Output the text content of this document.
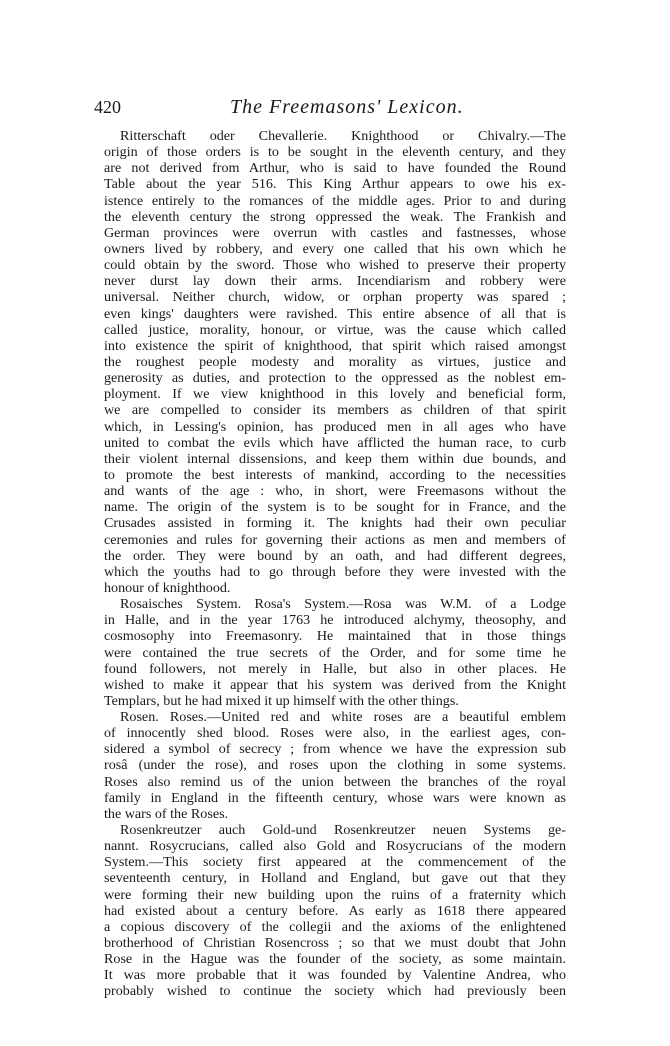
420	The Freemasons' Lexicon.
Ritterschaft oder Chevallerie. Knighthood or Chivalry.—The
origin of those orders is to be sought in the eleventh century, and they
are not derived from Arthur, who is said to have founded the Round
Table about the year 516. This King Arthur appears to owe his ex-
istence entirely to the romances of the middle ages. Prior to and during
the eleventh century the strong oppressed the weak. The Frankish and
German provinces were overrun with castles and fastnesses, whose
owners lived by robbery, and every one called that his own which he
could obtain by the sword. Those who wished to preserve their property
never durst lay down their arms. Incendiarism and robbery were
universal. Neither church, widow, or orphan property was spared ;
even kings' daughters were ravished. This entire absence of all that is
called justice, morality, honour, or virtue, was the cause which called
into existence the spirit of knighthood, that spirit which raised amongst
the roughest people modesty and morality as virtues, justice and
generosity as duties, and protection to the oppressed as the noblest em-
ployment. If we view knighthood in this lovely and beneficial form,
we are compelled to consider its members as children of that spirit
which, in Lessing's opinion, has produced men in all ages who have
united to combat the evils which have afflicted the human race, to curb
their violent internal dissensions, and keep them within due bounds, and
to promote the best interests of mankind, according to the necessities
and wants of the age : who, in short, were Freemasons without the
name. The origin of the system is to be sought for in France, and the
Crusades assisted in forming it. The knights had their own peculiar
ceremonies and rules for governing their actions as men and members of
the order. They were bound by an oath, and had different degrees,
which the youths had to go through before they were invested with the
honour of knighthood.
Rosaisches System. Rosa's System.—Rosa was W.M. of a Lodge
in Halle, and in the year 1763 he introduced alchymy, theosophy, and
cosmosophy into Freemasonry. He maintained that in those things
were contained the true secrets of the Order, and for some time he
found followers, not merely in Halle, but also in other places. He
wished to make it appear that his system was derived from the Knight
Templars, but he had mixed it up himself with the other things.
Rosen. Roses.—United red and white roses are a beautiful emblem
of innocently shed blood. Roses were also, in the earliest ages, con-
sidered a symbol of secrecy ; from whence we have the expression sub
rosâ (under the rose), and roses upon the clothing in some systems.
Roses also remind us of the union between the branches of the royal
family in England in the fifteenth century, whose wars were known as
the wars of the Roses.
Rosenkreutzer auch Gold-und Rosenkreutzer neuen Systems ge-
nannt. Rosycrucians, called also Gold and Rosycrucians of the modern
System.—This society first appeared at the commencement of the
seventeenth century, in Holland and England, but gave out that they
were forming their new building upon the ruins of a fraternity which
had existed about a century before. As early as 1618 there appeared
a copious discovery of the collegii and the axioms of the enlightened
brotherhood of Christian Rosencross ; so that we must doubt that John
Rose in the Hague was the founder of the society, as some maintain.
It was more probable that it was founded by Valentine Andrea, who
probably wished to continue the society which had previously been
